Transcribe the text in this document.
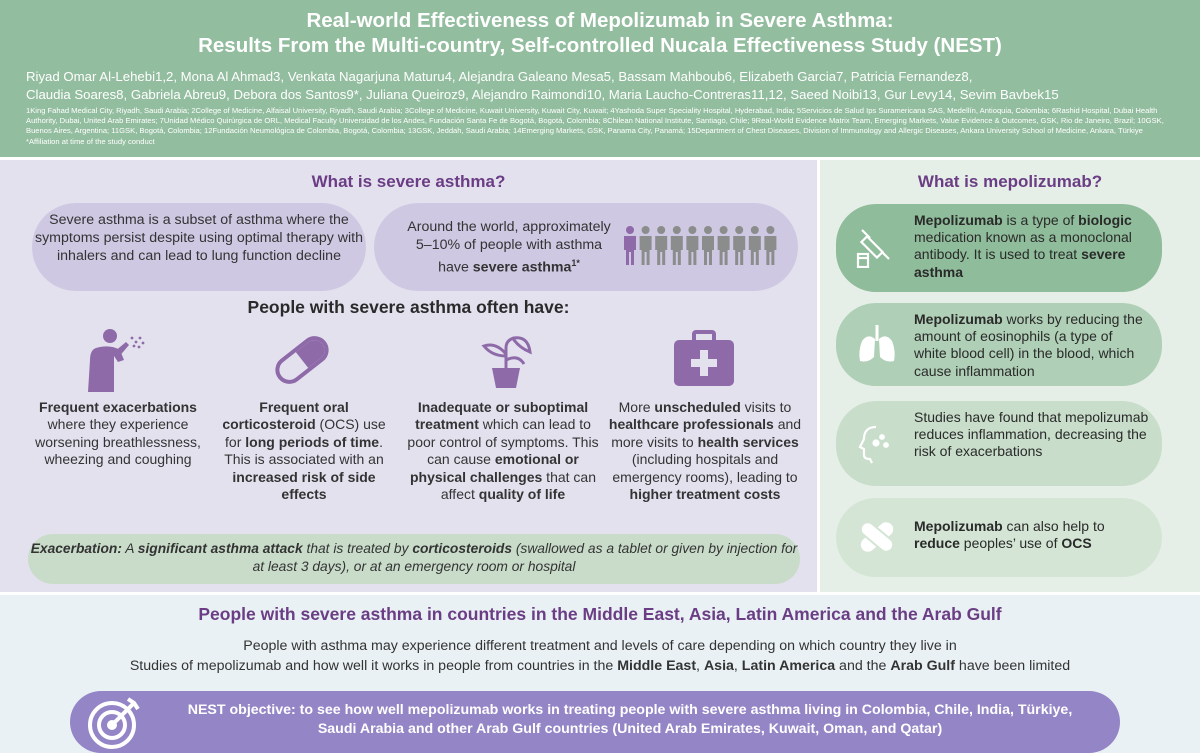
Real-world Effectiveness of Mepolizumab in Severe Asthma:
Results From the Multi-country, Self-controlled Nucala Effectiveness Study (NEST)
Riyad Omar Al-Lehebi1,2, Mona Al Ahmad3, Venkata Nagarjuna Maturu4, Alejandra Galeano Mesa5, Bassam Mahboub6, Elizabeth Garcia7, Patricia Fernandez8,
Claudia Soares8, Gabriela Abreu9, Debora dos Santos9*, Juliana Queiroz9, Alejandro Raimondi10, Maria Laucho-Contreras11,12, Saeed Noibi13, Gur Levy14, Sevim Bavbek15
1King Fahad Medical City, Riyadh, Saudi Arabia; 2College of Medicine, Alfaisal University, Riyadh, Saudi Arabia; 3College of Medicine, Kuwait University, Kuwait City, Kuwait; 4Yashoda Super Speciality Hospital, Hyderabad, India; 5Servicios de Salud Ips Suramericana SAS, Medellín, Antioquia, Colombia; 6Rashid Hospital, Dubai Health Authority, Dubai, United Arab Emirates; 7Unidad Médico Quirúrgica de ORL, Medical Faculty Universidad de los Andes, Fundación Santa Fe de Bogotá, Bogotá, Colombia; 8Chilean National Institute, Santiago, Chile; 9Real-World Evidence Matrix Team, Emerging Markets, Value Evidence & Outcomes, GSK, Rio de Janeiro, Brazil; 10GSK, Buenos Aires, Argentina; 11GSK, Bogotá, Colombia; 12Fundación Neumológica de Colombia, Bogotá, Colombia; 13GSK, Jeddah, Saudi Arabia; 14Emerging Markets, GSK, Panama City, Panamá; 15Department of Chest Diseases, Division of Immunology and Allergic Diseases, Ankara University School of Medicine, Ankara, Türkiye *Affiliation at time of the study conduct
What is severe asthma?
Severe asthma is a subset of asthma where the symptoms persist despite using optimal therapy with inhalers and can lead to lung function decline
Around the world, approximately
5–10% of people with asthma
have severe asthma$^{1*}$
People with severe asthma often have:
Frequent exacerbations
where they experience worsening breathlessness, wheezing and coughing
Frequent oral corticosteroid (OCS) use for long periods of time. This is associated with an increased risk of side effects
Inadequate or suboptimal treatment which can lead to poor control of symptoms. This can cause emotional or physical challenges that can affect quality of life
More unscheduled visits to healthcare professionals and more visits to health services (including hospitals and emergency rooms), leading to higher treatment costs
Exacerbation: A significant asthma attack that is treated by corticosteroids (swallowed as a tablet or given by injection for at least 3 days), or at an emergency room or hospital
What is mepolizumab?
Mepolizumab is a type of biologic medication known as a monoclonal antibody. It is used to treat severe asthma
Mepolizumab works by reducing the amount of eosinophils (a type of white blood cell) in the blood, which cause inflammation
Studies have found that mepolizumab reduces inflammation, decreasing the risk of exacerbations
Mepolizumab can also help to reduce peoples’ use of OCS
People with severe asthma in countries in the Middle East, Asia, Latin America and the Arab Gulf
People with asthma may experience different treatment and levels of care depending on which country they live in
Studies of mepolizumab and how well it works in people from countries in the Middle East, Asia, Latin America and the Arab Gulf have been limited
NEST objective: to see how well mepolizumab works in treating people with severe asthma living in Colombia, Chile, India, Türkiye, Saudi Arabia and other Arab Gulf countries (United Arab Emirates, Kuwait, Oman, and Qatar)
